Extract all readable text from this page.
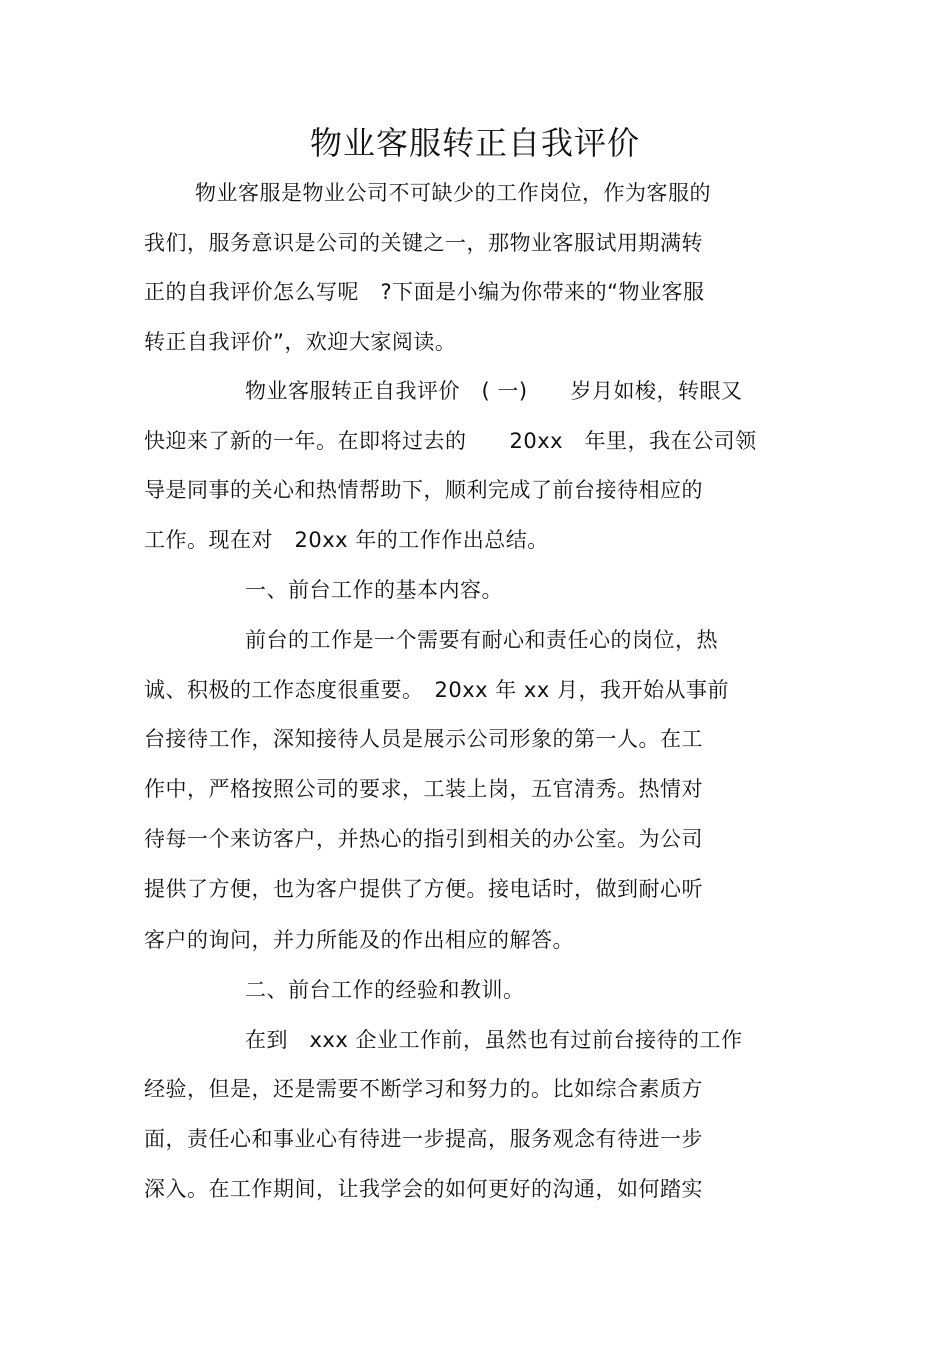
物业客服转正自我评价
物业客服是物业公司不可缺少的工作岗位，作为客服的
我们，服务意识是公司的关键之一，那物业客服试用期满转
正的自我评价怎么写呢　?下面是小编为你带来的“物业客服
转正自我评价”，欢迎大家阅读。
物业客服转正自我评价　( 一)　　岁月如梭，转眼又
快迎来了新的一年。在即将过去的　　20xx　年里，我在公司领
导是同事的关心和热情帮助下，顺利完成了前台接待相应的
工作。现在对　20xx 年的工作作出总结。
一、前台工作的基本内容。
前台的工作是一个需要有耐心和责任心的岗位，热
诚、积极的工作态度很重要。　20xx 年 xx 月，我开始从事前
台接待工作，深知接待人员是展示公司形象的第一人。在工
作中，严格按照公司的要求，工装上岗，五官清秀。热情对
待每一个来访客户，并热心的指引到相关的办公室。为公司
提供了方便，也为客户提供了方便。接电话时，做到耐心听
客户的询问，并力所能及的作出相应的解答。
二、前台工作的经验和教训。
在到　xxx 企业工作前，虽然也有过前台接待的工作
经验，但是，还是需要不断学习和努力的。比如综合素质方
面，责任心和事业心有待进一步提高，服务观念有待进一步
深入。在工作期间，让我学会的如何更好的沟通，如何踏实
